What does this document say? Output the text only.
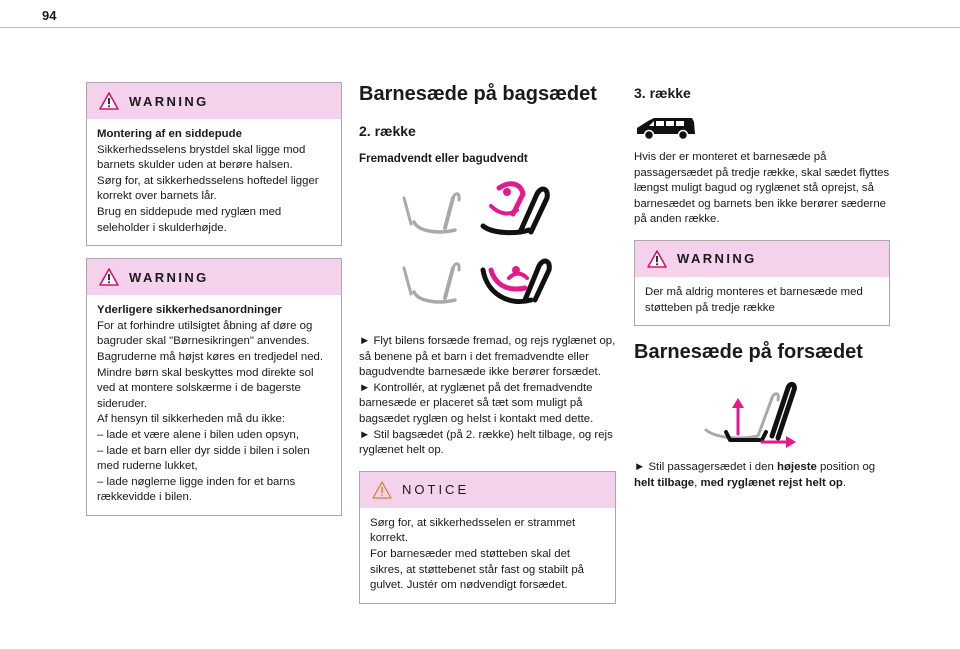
94
WARNING

Montering af en siddepude

Sikkerhedsselens brystdel skal ligge mod barnets skulder uden at berøre halsen.

Sørg for, at sikkerhedsselens hoftedel ligger korrekt over barnets lår.

Brug en siddepude med ryglæn med seleholder i skulderhøjde.

WARNING

Yderligere sikkerhedsanordninger

For at forhindre utilsigtet åbning af døre og bagruder skal "Børnesikringen" anvendes.

Bagruderne må højst køres en tredjedel ned.

Mindre børn skal beskyttes mod direkte sol ved at montere solskærme i de bagerste sideruder.

Af hensyn til sikkerheden må du ikke:

– lade et være alene i bilen uden opsyn,

– lade et barn eller dyr sidde i bilen i solen med ruderne lukket,

– lade nøglerne ligge inden for et barns rækkevidde i bilen.

Barnesæde på bagsædet
2. række

Fremadvendt eller bagudvendt

► Flyt bilens forsæde fremad, og rejs ryglænet op, så benene på et barn i det fremadvendte eller bagudvendte barnesæde ikke berører forsædet.

► Kontrollér, at ryglænet på det fremadvendte barnesæde er placeret så tæt som muligt på bagsædet ryglæn og helst i kontakt med dette.

► Stil bagsædet (på 2. række) helt tilbage, og rejs ryglænet helt op.

NOTICE

Sørg for, at sikkerhedsselen er strammet korrekt.

For barnesæder med støtteben skal det sikres, at støttebenet står fast og stabilt på gulvet. Justér om nødvendigt forsædet.

3. række

Hvis der er monteret et barnesæde på passagersædet på tredje række, skal sædet flyttes længst muligt bagud og ryglænet stå oprejst, så barnesædet og barnets ben ikke berører sæderne på anden række.

WARNING

Der må aldrig monteres et barnesæde med støtteben på tredje række

Barnesæde på forsædet

► Stil passagersædet i den højeste position og helt tilbage, med ryglænet rejst helt op.
